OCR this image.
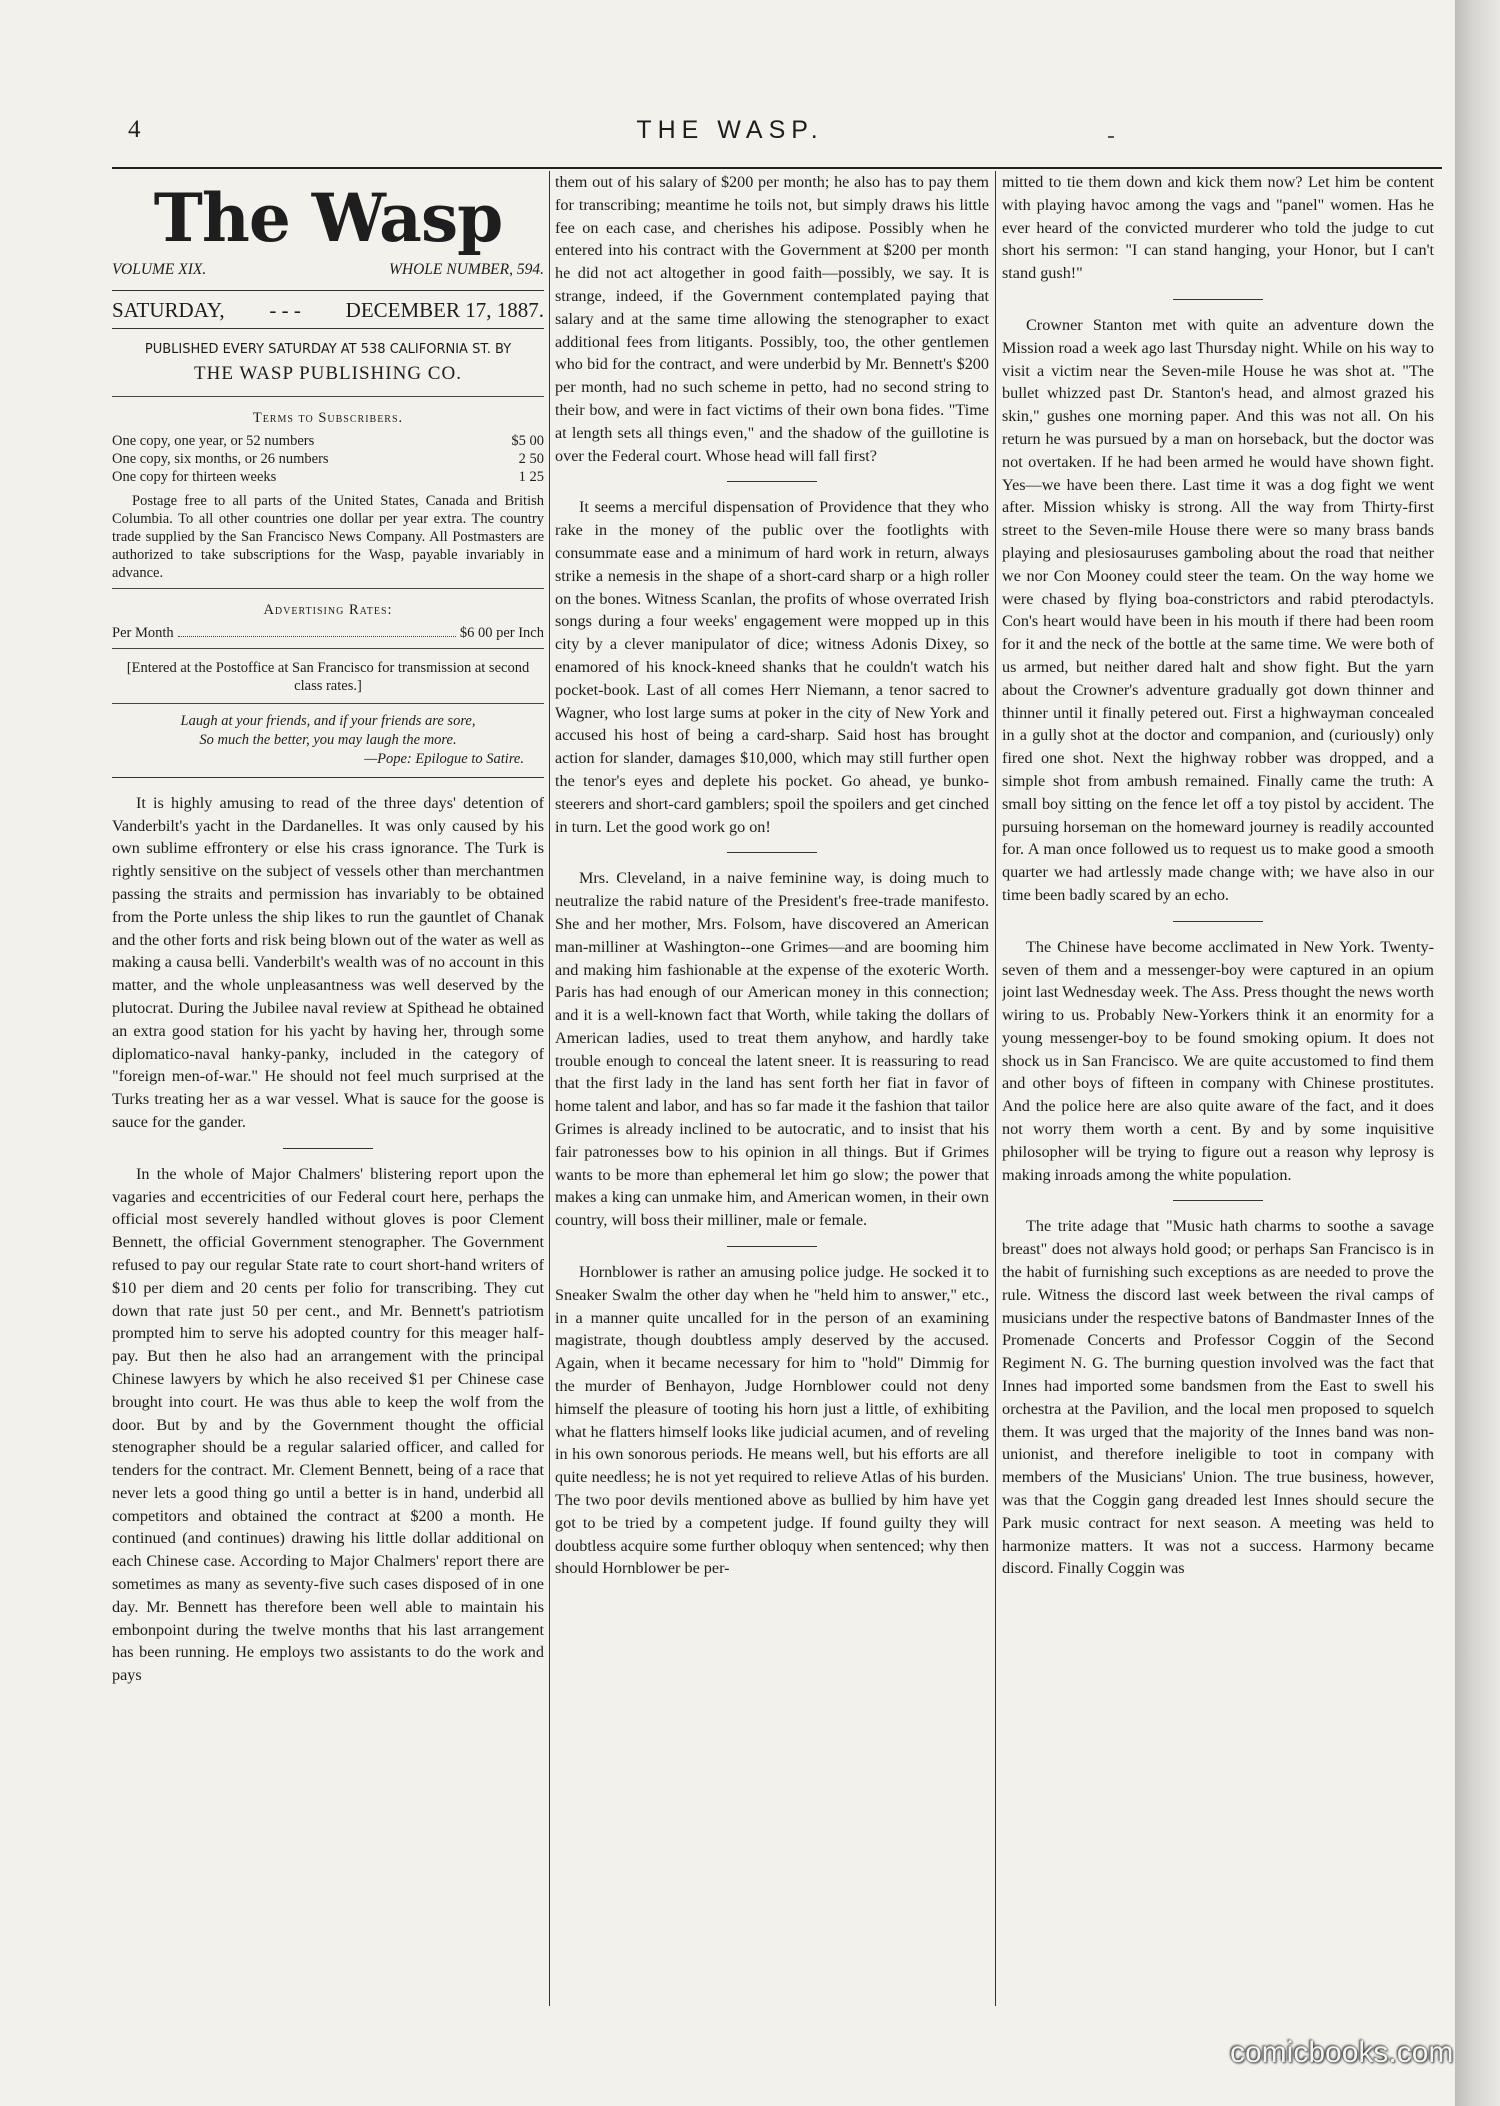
4	THE WASP.
The Wasp
VOLUME XIX.	WHOLE NUMBER, 594.
SATURDAY, - - - DECEMBER 17, 1887.
PUBLISHED EVERY SATURDAY AT 538 CALIFORNIA ST. BY
THE WASP PUBLISHING CO.
Terms to Subscribers.
One copy, one year, or 52 numbers	$5 00
One copy, six months, or 26 numbers	2 50
One copy for thirteen weeks	1 25

Postage free to all parts of the United States, Canada and British Columbia. To all other countries one dollar per year extra. The country trade supplied by the San Francisco News Company. All Postmasters are authorized to take subscriptions for the Wasp, payable invariably in advance.

Advertising Rates:
Per Month	$6 00 per Inch
[Entered at the Postoffice at San Francisco for transmission at second class rates.]
Laugh at your friends, and if your friends are sore,
So much the better, you may laugh the more.
—Pope: Epilogue to Satire.

It is highly amusing to read of the three days' detention of Vanderbilt's yacht in the Dardanelles. It was only caused by his own sublime effrontery or else his crass ignorance. The Turk is rightly sensitive on the subject of vessels other than merchantmen passing the straits and permission has invariably to be obtained from the Porte unless the ship likes to run the gauntlet of Chanak and the other forts and risk being blown out of the water as well as making a causa belli. Vanderbilt's wealth was of no account in this matter, and the whole unpleasantness was well deserved by the plutocrat. During the Jubilee naval review at Spithead he obtained an extra good station for his yacht by having her, through some diplomatico-naval hanky-panky, included in the category of "foreign men-of-war." He should not feel much surprised at the Turks treating her as a war vessel. What is sauce for the goose is sauce for the gander.

In the whole of Major Chalmers' blistering report upon the vagaries and eccentricities of our Federal court here, perhaps the official most severely handled without gloves is poor Clement Bennett, the official Government stenographer. The Government refused to pay our regular State rate to court short-hand writers of $10 per diem and 20 cents per folio for transcribing. They cut down that rate just 50 per cent., and Mr. Bennett's patriotism prompted him to serve his adopted country for this meager half-pay. But then he also had an arrangement with the principal Chinese lawyers by which he also received $1 per Chinese case brought into court. He was thus able to keep the wolf from the door. But by and by the Government thought the official stenographer should be a regular salaried officer, and called for tenders for the contract. Mr. Clement Bennett, being of a race that never lets a good thing go until a better is in hand, underbid all competitors and obtained the contract at $200 a month. He continued (and continues) drawing his little dollar additional on each Chinese case. According to Major Chalmers' report there are sometimes as many as seventy-five such cases disposed of in one day. Mr. Bennett has therefore been well able to maintain his embonpoint during the twelve months that his last arrangement has been running. He employs two assistants to do the work and pays

them out of his salary of $200 per month; he also has to pay them for transcribing; meantime he toils not, but simply draws his little fee on each case, and cherishes his adipose. Possibly when he entered into his contract with the Government at $200 per month he did not act altogether in good faith—possibly, we say. It is strange, indeed, if the Government contemplated paying that salary and at the same time allowing the stenographer to exact additional fees from litigants. Possibly, too, the other gentlemen who bid for the contract, and were underbid by Mr. Bennett's $200 per month, had no such scheme in petto, had no second string to their bow, and were in fact victims of their own bona fides. "Time at length sets all things even," and the shadow of the guillotine is over the Federal court. Whose head will fall first?

It seems a merciful dispensation of Providence that they who rake in the money of the public over the footlights with consummate ease and a minimum of hard work in return, always strike a nemesis in the shape of a short-card sharp or a high roller on the bones. Witness Scanlan, the profits of whose overrated Irish songs during a four weeks' engagement were mopped up in this city by a clever manipulator of dice; witness Adonis Dixey, so enamored of his knock-kneed shanks that he couldn't watch his pocket-book. Last of all comes Herr Niemann, a tenor sacred to Wagner, who lost large sums at poker in the city of New York and accused his host of being a card-sharp. Said host has brought action for slander, damages $10,000, which may still further open the tenor's eyes and deplete his pocket. Go ahead, ye bunko-steerers and short-card gamblers; spoil the spoilers and get cinched in turn. Let the good work go on!

Mrs. Cleveland, in a naive feminine way, is doing much to neutralize the rabid nature of the President's free-trade manifesto. She and her mother, Mrs. Folsom, have discovered an American man-milliner at Washington--one Grimes—and are booming him and making him fashionable at the expense of the exoteric Worth. Paris has had enough of our American money in this connection; and it is a well-known fact that Worth, while taking the dollars of American ladies, used to treat them anyhow, and hardly take trouble enough to conceal the latent sneer. It is reassuring to read that the first lady in the land has sent forth her fiat in favor of home talent and labor, and has so far made it the fashion that tailor Grimes is already inclined to be autocratic, and to insist that his fair patronesses bow to his opinion in all things. But if Grimes wants to be more than ephemeral let him go slow; the power that makes a king can unmake him, and American women, in their own country, will boss their milliner, male or female.

Hornblower is rather an amusing police judge. He socked it to Sneaker Swalm the other day when he "held him to answer," etc., in a manner quite uncalled for in the person of an examining magistrate, though doubtless amply deserved by the accused. Again, when it became necessary for him to "hold" Dimmig for the murder of Benhayon, Judge Hornblower could not deny himself the pleasure of tooting his horn just a little, of exhibiting what he flatters himself looks like judicial acumen, and of reveling in his own sonorous periods. He means well, but his efforts are all quite needless; he is not yet required to relieve Atlas of his burden. The two poor devils mentioned above as bullied by him have yet got to be tried by a competent judge. If found guilty they will doubtless acquire some further obloquy when sentenced; why then should Hornblower be per-

mitted to tie them down and kick them now? Let him be content with playing havoc among the vags and "panel" women. Has he ever heard of the convicted murderer who told the judge to cut short his sermon: "I can stand hanging, your Honor, but I can't stand gush!"

Crowner Stanton met with quite an adventure down the Mission road a week ago last Thursday night. While on his way to visit a victim near the Seven-mile House he was shot at. "The bullet whizzed past Dr. Stanton's head, and almost grazed his skin," gushes one morning paper. And this was not all. On his return he was pursued by a man on horseback, but the doctor was not overtaken. If he had been armed he would have shown fight. Yes—we have been there. Last time it was a dog fight we went after. Mission whisky is strong. All the way from Thirty-first street to the Seven-mile House there were so many brass bands playing and plesiosauruses gamboling about the road that neither we nor Con Mooney could steer the team. On the way home we were chased by flying boa-constrictors and rabid pterodactyls. Con's heart would have been in his mouth if there had been room for it and the neck of the bottle at the same time. We were both of us armed, but neither dared halt and show fight. But the yarn about the Crowner's adventure gradually got down thinner and thinner until it finally petered out. First a highwayman concealed in a gully shot at the doctor and companion, and (curiously) only fired one shot. Next the highway robber was dropped, and a simple shot from ambush remained. Finally came the truth: A small boy sitting on the fence let off a toy pistol by accident. The pursuing horseman on the homeward journey is readily accounted for. A man once followed us to request us to make good a smooth quarter we had artlessly made change with; we have also in our time been badly scared by an echo.

The Chinese have become acclimated in New York. Twenty-seven of them and a messenger-boy were captured in an opium joint last Wednesday week. The Ass. Press thought the news worth wiring to us. Probably New-Yorkers think it an enormity for a young messenger-boy to be found smoking opium. It does not shock us in San Francisco. We are quite accustomed to find them and other boys of fifteen in company with Chinese prostitutes. And the police here are also quite aware of the fact, and it does not worry them worth a cent. By and by some inquisitive philosopher will be trying to figure out a reason why leprosy is making inroads among the white population.

The trite adage that "Music hath charms to soothe a savage breast" does not always hold good; or perhaps San Francisco is in the habit of furnishing such exceptions as are needed to prove the rule. Witness the discord last week between the rival camps of musicians under the respective batons of Bandmaster Innes of the Promenade Concerts and Professor Coggin of the Second Regiment N. G. The burning question involved was the fact that Innes had imported some bandsmen from the East to swell his orchestra at the Pavilion, and the local men proposed to squelch them. It was urged that the majority of the Innes band was non-unionist, and therefore ineligible to toot in company with members of the Musicians' Union. The true business, however, was that the Coggin gang dreaded lest Innes should secure the Park music contract for next season. A meeting was held to harmonize matters. It was not a success. Harmony became discord. Finally Coggin was

comicbooks.com
